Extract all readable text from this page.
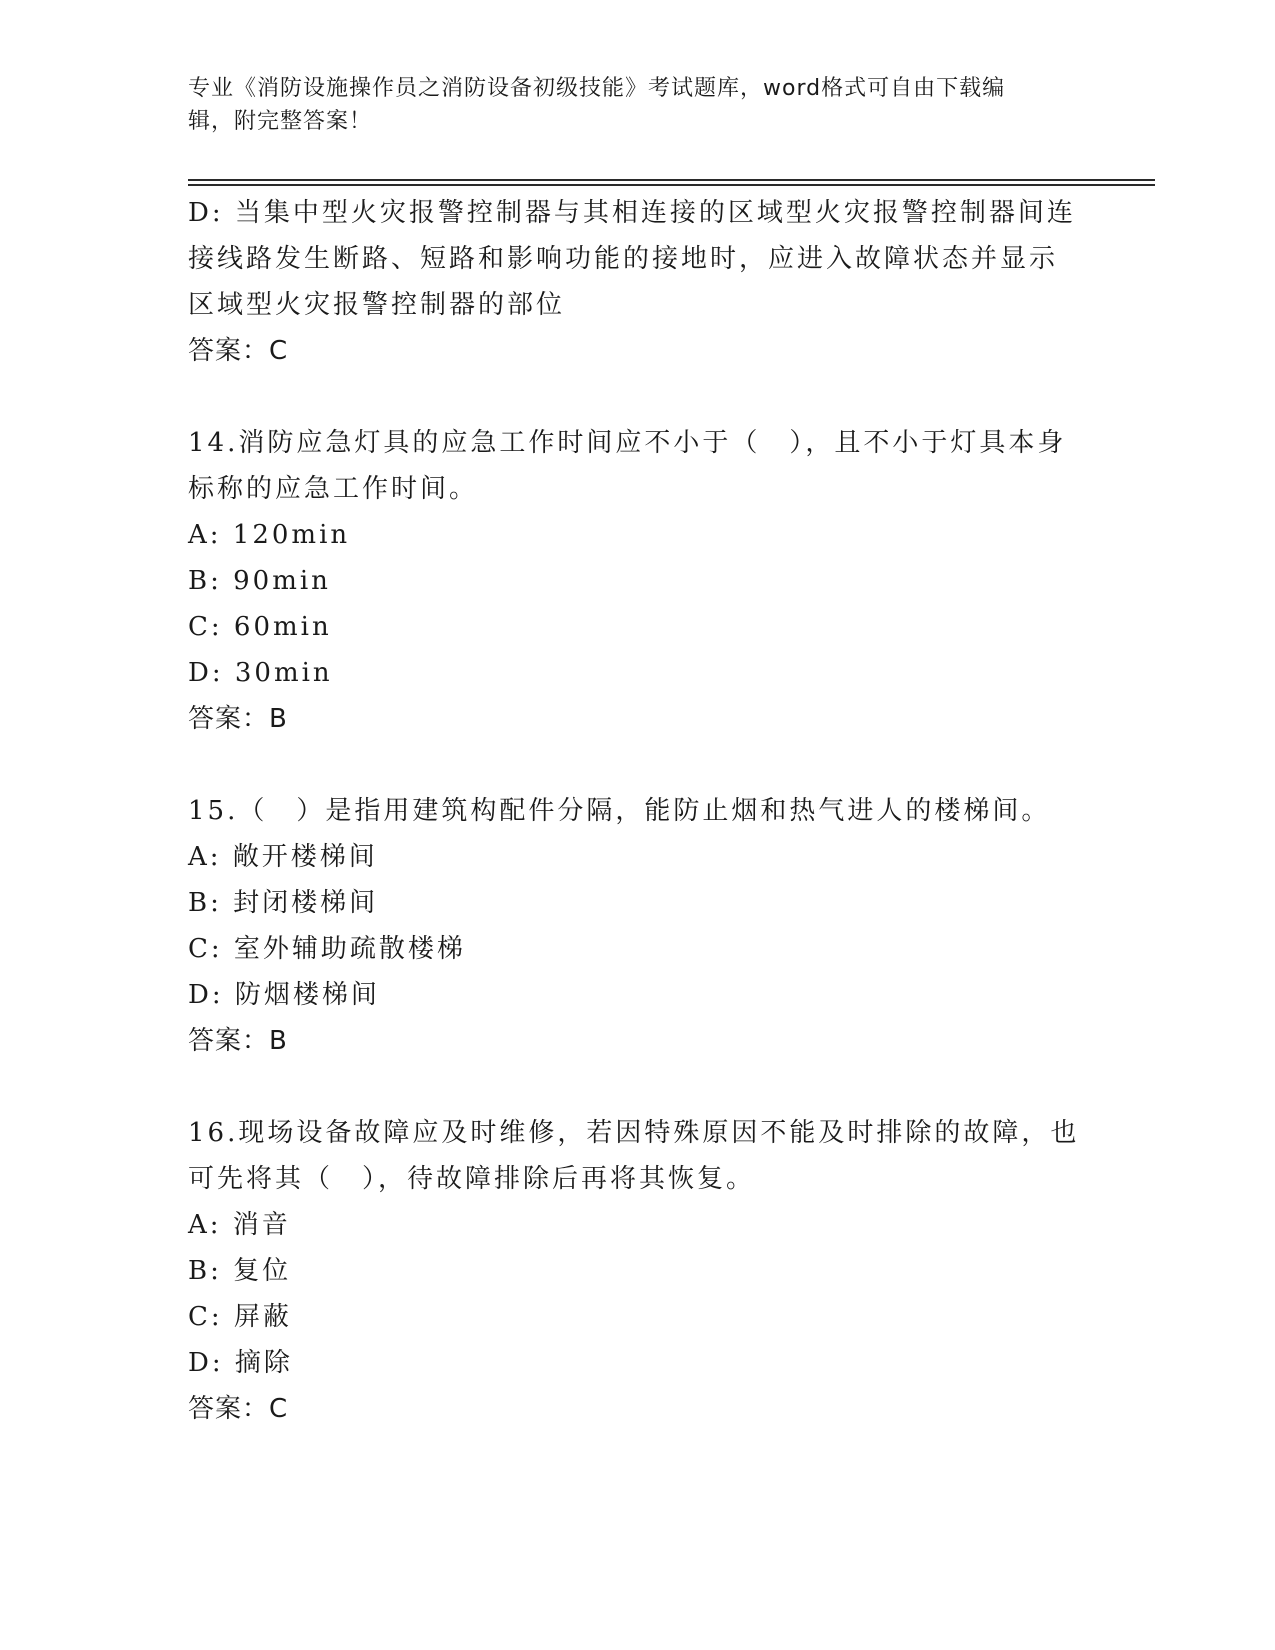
专业《消防设施操作员之消防设备初级技能》考试题库，word格式可自由下载编
辑，附完整答案！
D: 当集中型火灾报警控制器与其相连接的区域型火灾报警控制器间连
接线路发生断路、短路和影响功能的接地时，应进入故障状态并显示
区域型火灾报警控制器的部位
答案：C
14.消防应急灯具的应急工作时间应不小于（　），且不小于灯具本身
标称的应急工作时间。
A: 120min
B: 90min
C: 60min
D: 30min
答案：B
15.（　）是指用建筑构配件分隔，能防止烟和热气进人的楼梯间。
A: 敞开楼梯间
B: 封闭楼梯间
C: 室外辅助疏散楼梯
D: 防烟楼梯间
答案：B
16.现场设备故障应及时维修，若因特殊原因不能及时排除的故障，也
可先将其（　），待故障排除后再将其恢复。
A: 消音
B: 复位
C: 屏蔽
D: 摘除
答案：C
